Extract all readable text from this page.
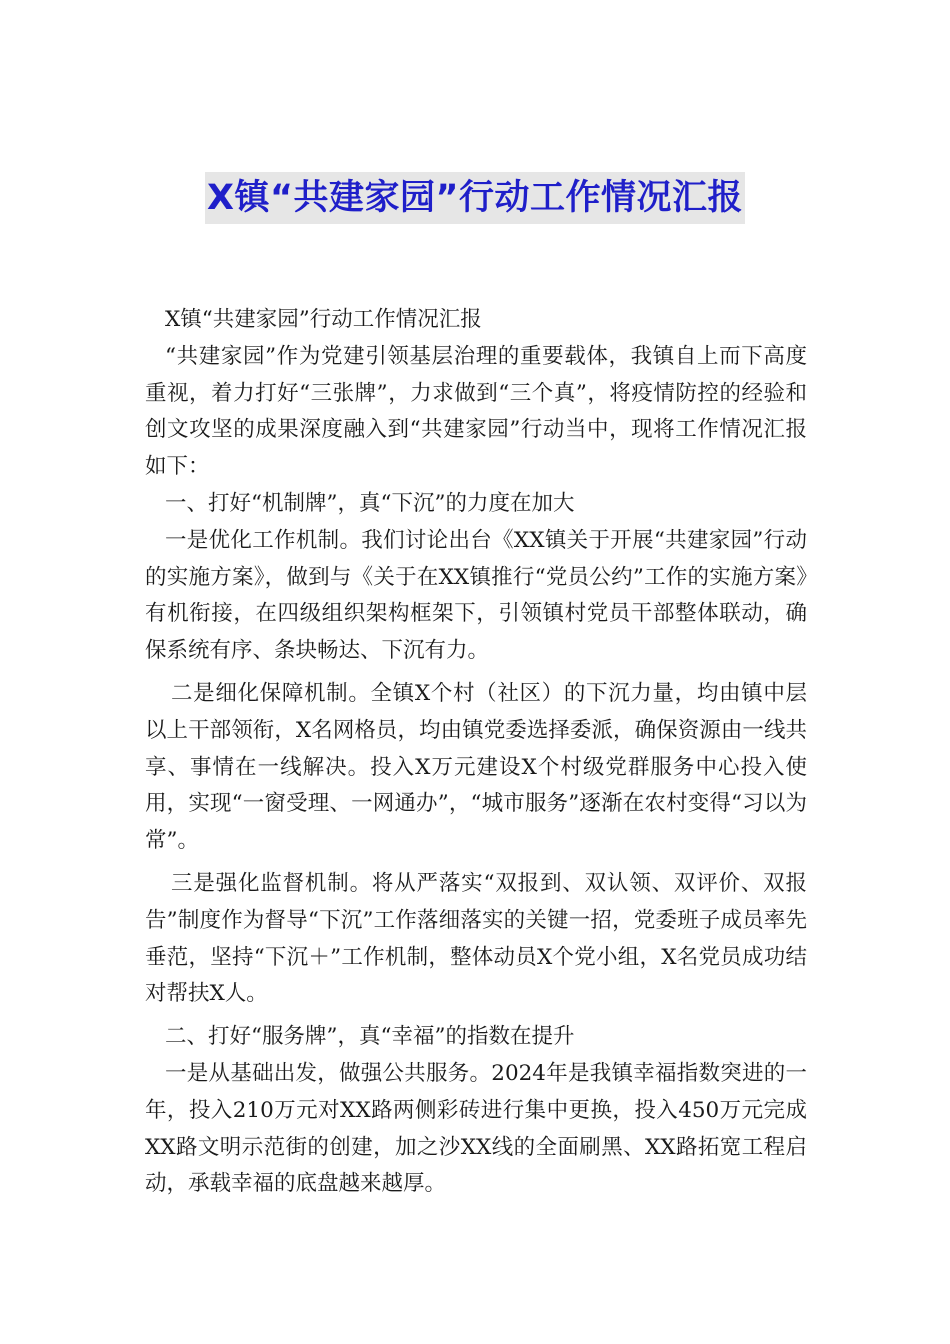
X镇“共建家园”行动工作情况汇报

X镇“共建家园”行动工作情况汇报

“共建家园”作为党建引领基层治理的重要载体，我镇自上而下高度重视，着力打好“三张牌”，力求做到“三个真”，将疫情防控的经验和创文攻坚的成果深度融入到“共建家园”行动当中，现将工作情况汇报如下：

一、打好“机制牌”，真“下沉”的力度在加大

一是优化工作机制。我们讨论出台《XX镇关于开展“共建家园”行动的实施方案》，做到与《关于在XX镇推行“党员公约”工作的实施方案》有机衔接，在四级组织架构框架下，引领镇村党员干部整体联动，确保系统有序、条块畅达、下沉有力。

二是细化保障机制。全镇X个村（社区）的下沉力量，均由镇中层以上干部领衔，X名网格员，均由镇党委选择委派，确保资源由一线共享、事情在一线解决。投入X万元建设X个村级党群服务中心投入使用，实现“一窗受理、一网通办”，“城市服务”逐渐在农村变得“习以为常”。

三是强化监督机制。将从严落实“双报到、双认领、双评价、双报告”制度作为督导“下沉”工作落细落实的关键一招，党委班子成员率先垂范，坚持“下沉＋”工作机制，整体动员X个党小组，X名党员成功结对帮扶X人。

二、打好“服务牌”，真“幸福”的指数在提升

一是从基础出发，做强公共服务。2024年是我镇幸福指数突进的一年，投入210万元对XX路两侧彩砖进行集中更换，投入450万元完成XX路文明示范街的创建，加之沙XX线的全面刷黑、XX路拓宽工程启动，承载幸福的底盘越来越厚。
